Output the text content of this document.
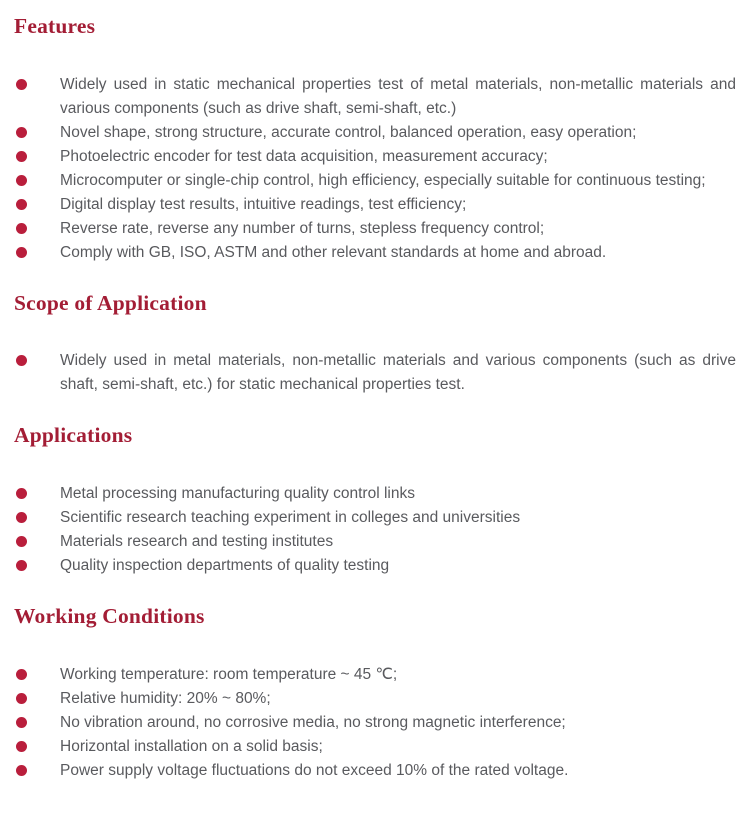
Features
Widely used in static mechanical properties test of metal materials, non-metallic materials and various components (such as drive shaft, semi-shaft, etc.)
Novel shape, strong structure, accurate control, balanced operation, easy operation;
Photoelectric encoder for test data acquisition, measurement accuracy;
Microcomputer or single-chip control, high efficiency, especially suitable for continuous testing;
Digital display test results, intuitive readings, test efficiency;
Reverse rate, reverse any number of turns, stepless frequency control;
Comply with GB, ISO, ASTM and other relevant standards at home and abroad.
Scope of Application
Widely used in metal materials, non-metallic materials and various components (such as drive shaft, semi-shaft, etc.) for static mechanical properties test.
Applications
Metal processing manufacturing quality control links
Scientific research teaching experiment in colleges and universities
Materials research and testing institutes
Quality inspection departments of quality testing
Working Conditions
Working temperature: room temperature ~ 45 ℃;
Relative humidity: 20% ~ 80%;
No vibration around, no corrosive media, no strong magnetic interference;
Horizontal installation on a solid basis;
Power supply voltage fluctuations do not exceed 10% of the rated voltage.
